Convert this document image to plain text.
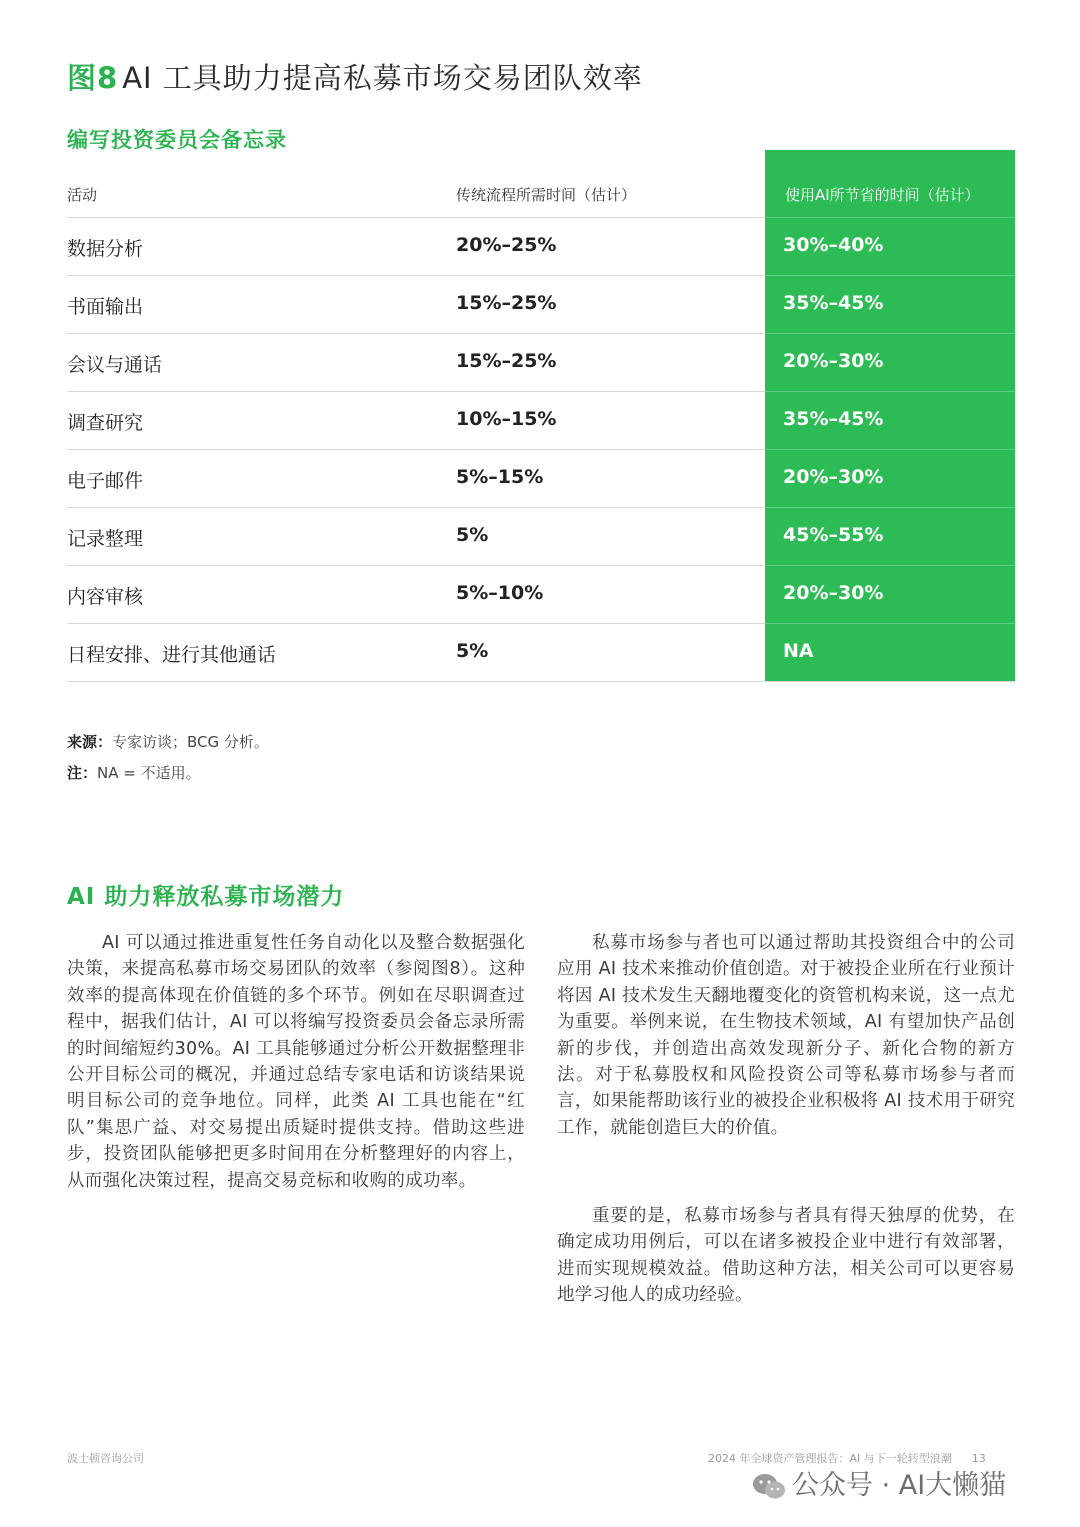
图8 AI 工具助力提高私募市场交易团队效率
编写投资委员会备忘录
活动	传统流程所需时间（估计）	使用AI所节省的时间（估计）
数据分析	20%–25%	30%–40%
书面输出	15%–25%	35%–45%
会议与通话	15%–25%	20%–30%
调查研究	10%–15%	35%–45%
电子邮件	5%–15%	20%–30%
记录整理	5%	45%–55%
内容审核	5%–10%	20%–30%
日程安排、进行其他通话	5%	NA
来源：专家访谈；BCG 分析。
注：NA = 不适用。
AI 助力释放私募市场潜力
AI 可以通过推进重复性任务自动化以及整合数据强化决策，来提高私募市场交易团队的效率（参阅图8）。这种效率的提高体现在价值链的多个环节。例如在尽职调查过程中，据我们估计，AI 可以将编写投资委员会备忘录所需的时间缩短约30%。AI 工具能够通过分析公开数据整理非公开目标公司的概况，并通过总结专家电话和访谈结果说明目标公司的竞争地位。同样，此类 AI 工具也能在“红队”集思广益、对交易提出质疑时提供支持。借助这些进步，投资团队能够把更多时间用在分析整理好的内容上，从而强化决策过程，提高交易竞标和收购的成功率。
私募市场参与者也可以通过帮助其投资组合中的公司应用 AI 技术来推动价值创造。对于被投企业所在行业预计将因 AI 技术发生天翻地覆变化的资管机构来说，这一点尤为重要。举例来说，在生物技术领域，AI 有望加快产品创新的步伐，并创造出高效发现新分子、新化合物的新方法。对于私募股权和风险投资公司等私募市场参与者而言，如果能帮助该行业的被投企业积极将 AI 技术用于研究工作，就能创造巨大的价值。
重要的是，私募市场参与者具有得天独厚的优势，在确定成功用例后，可以在诸多被投企业中进行有效部署，进而实现规模效益。借助这种方法，相关公司可以更容易地学习他人的成功经验。
波士顿咨询公司	2024 年全球资产管理报告：AI 与下一轮转型浪潮 13
公众号 · AI大懒猫
